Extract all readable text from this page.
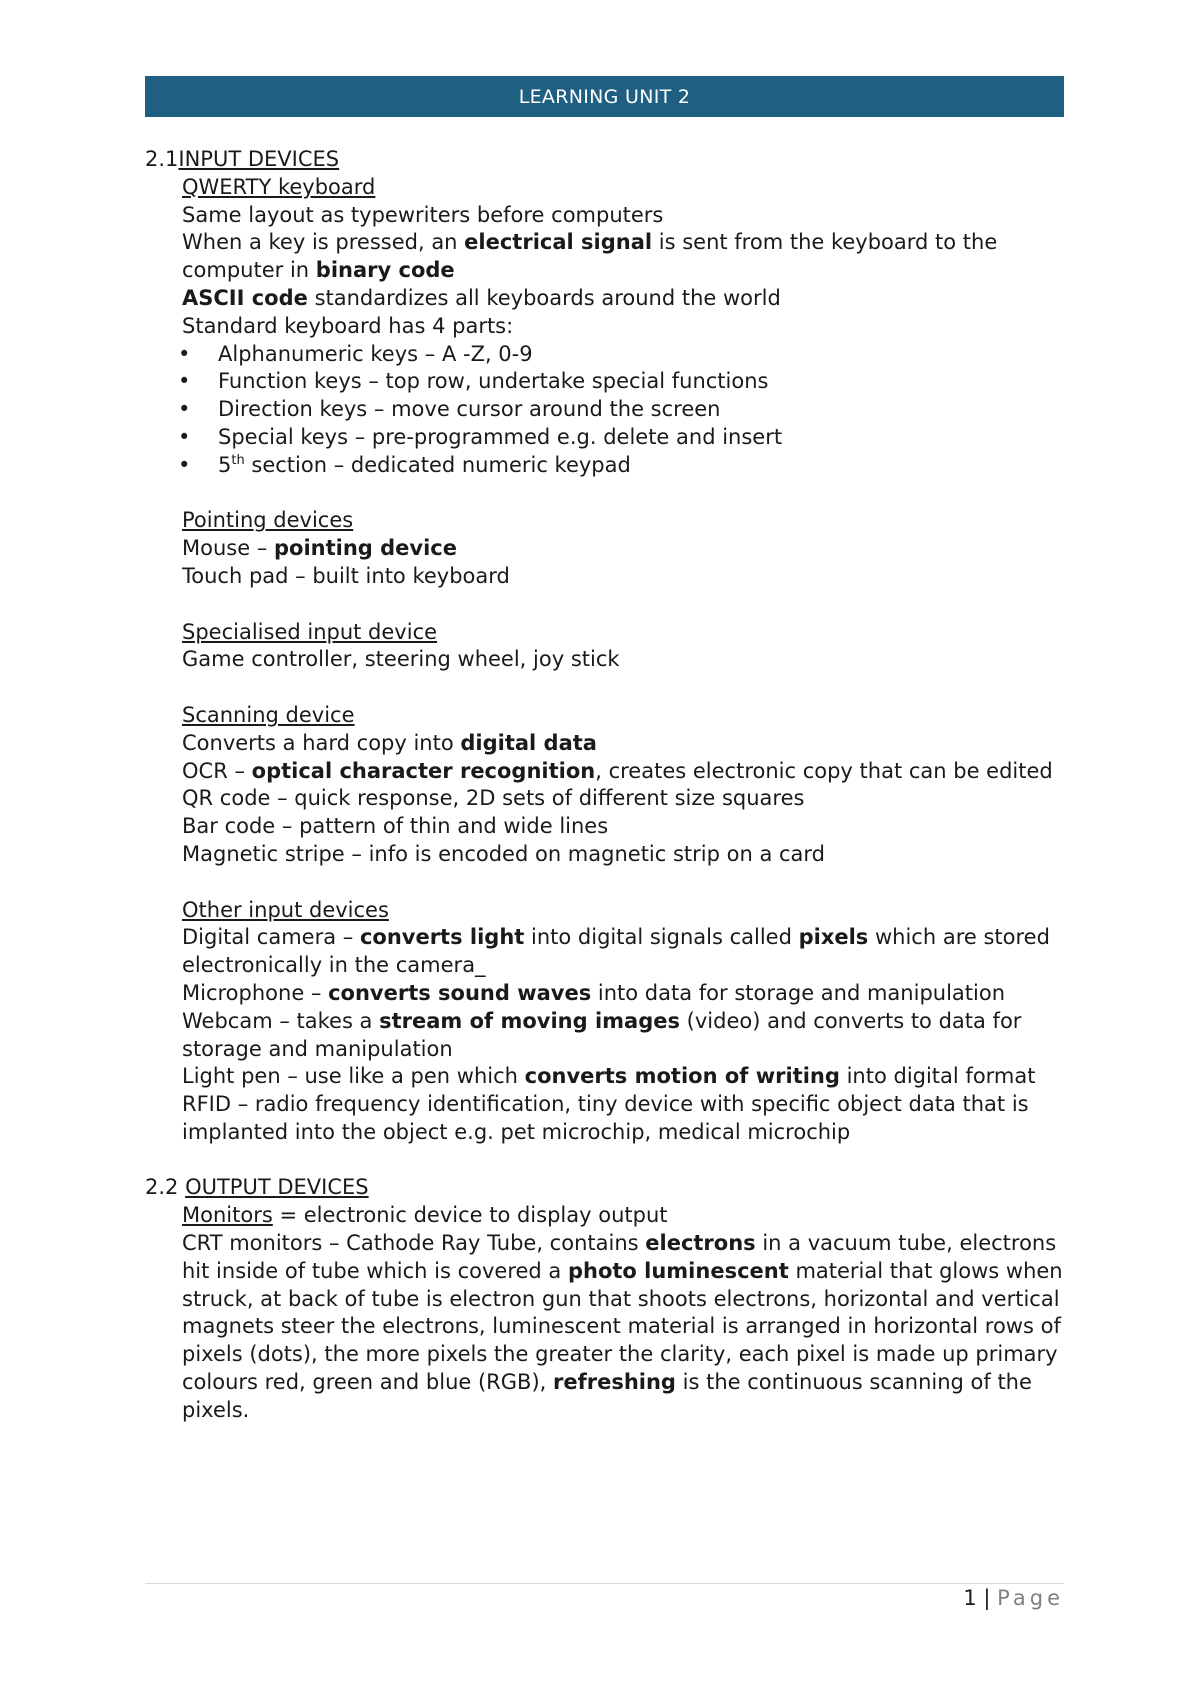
LEARNING UNIT 2

2.1INPUT DEVICES

QWERTY keyboard

Same layout as typewriters before computers

When a key is pressed, an electrical signal is sent from the keyboard to the computer in binary code

ASCII code standardizes all keyboards around the world

Standard keyboard has 4 parts:

• Alphanumeric keys – A -Z, 0-9
• Function keys – top row, undertake special functions
• Direction keys – move cursor around the screen
• Special keys – pre-programmed e.g. delete and insert
• 5th section – dedicated numeric keypad

Pointing devices

Mouse – pointing device

Touch pad – built into keyboard

Specialised input device

Game controller, steering wheel, joy stick

Scanning device

Converts a hard copy into digital data

OCR – optical character recognition, creates electronic copy that can be edited

QR code – quick response, 2D sets of different size squares

Bar code – pattern of thin and wide lines

Magnetic stripe – info is encoded on magnetic strip on a card

Other input devices

Digital camera – converts light into digital signals called pixels which are stored electronically in the camera_

Microphone – converts sound waves into data for storage and manipulation

Webcam – takes a stream of moving images (video) and converts to data for storage and manipulation

Light pen – use like a pen which converts motion of writing into digital format

RFID – radio frequency identification, tiny device with specific object data that is implanted into the object e.g. pet microchip, medical microchip

2.2 OUTPUT DEVICES

Monitors = electronic device to display output

CRT monitors – Cathode Ray Tube, contains electrons in a vacuum tube, electrons hit inside of tube which is covered a photo luminescent material that glows when struck, at back of tube is electron gun that shoots electrons, horizontal and vertical magnets steer the electrons, luminescent material is arranged in horizontal rows of pixels (dots), the more pixels the greater the clarity, each pixel is made up primary colours red, green and blue (RGB), refreshing is the continuous scanning of the pixels.

1 | Page
